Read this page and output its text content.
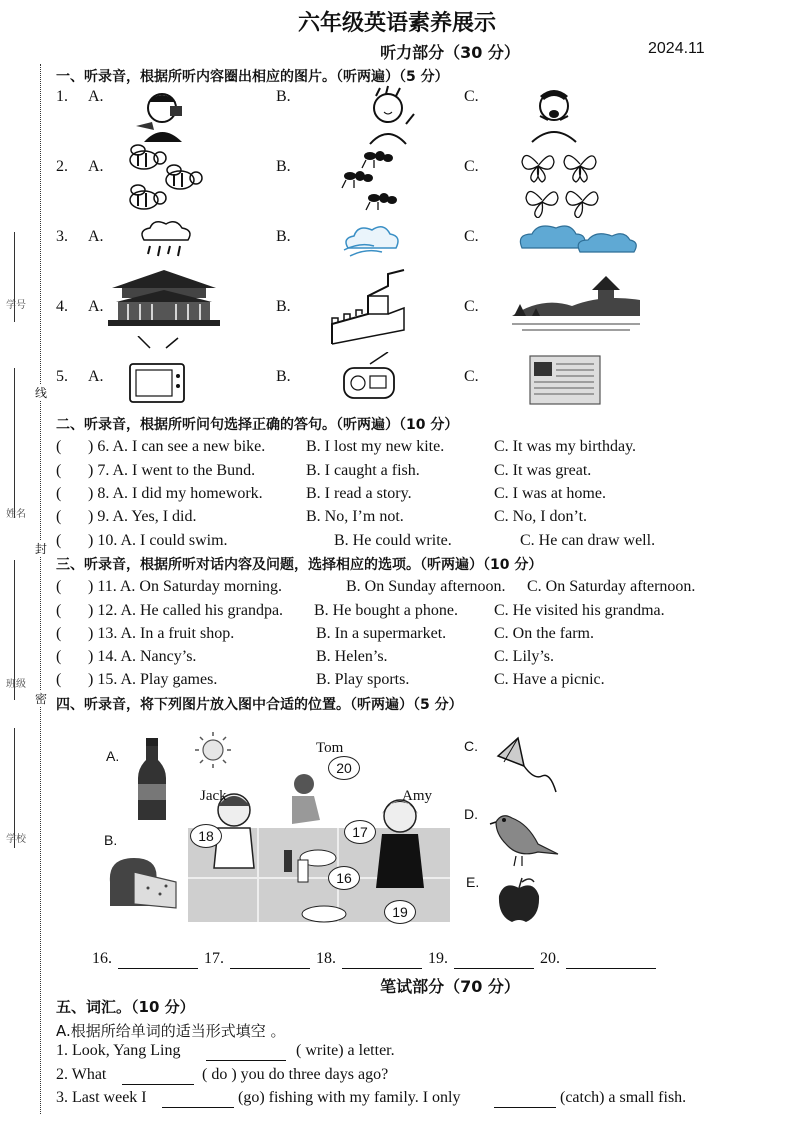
学号
姓名
班级
学校
线
封
密
六年级英语素养展示
听力部分（30 分）	2024.11
一、听录音，根据所听内容圈出相应的图片。（听两遍）（5 分）
1. A.	B.	C.
2. A.	B.	C.
3. A.	B.	C.
4. A.	B.	C.
5. A.	B.	C.
二、听录音，根据所听问句选择正确的答句。（听两遍）（10 分）
( ) 6. A. I can see a new bike.	B. I lost my new kite.	C. It was my birthday.
( ) 7. A. I went to the Bund.	B. I caught a fish.	C. It was great.
( ) 8. A. I did my homework.	B. I read a story.	C. I was at home.
( ) 9. A. Yes, I did.	B. No, I’m not.	C. No, I don’t.
( ) 10. A. I could swim.	B. He could write.	C. He can draw well.
三、听录音，根据所听对话内容及问题，选择相应的选项。（听两遍）（10 分）
( ) 11. A. On Saturday morning.	B. On Sunday afternoon. C. On Saturday afternoon.
( ) 12. A. He called his grandpa. B. He bought a phone. C. He visited his grandma.
( ) 13. A. In a fruit shop.	B. In a supermarket.	C. On the farm.
( ) 14. A. Nancy’s.	B. Helen’s.	C. Lily’s.
( ) 15. A. Play games.	B. Play sports.	C. Have a picnic.
四、听录音，将下列图片放入图中合适的位置。（听两遍）（5 分）
A.
B.
C.
D.
E.
Tom
Jack	Amy
20
18	17
16
19
16.	17.	18.	19.	20.
笔试部分（70 分）
五、词汇。（10 分）
A.根据所给单词的适当形式填空 。
1. Look, Yang Ling	( write) a letter.
2. What	( do ) you do three days ago?
3. Last week I	(go) fishing with my family. I only	(catch) a small fish.
